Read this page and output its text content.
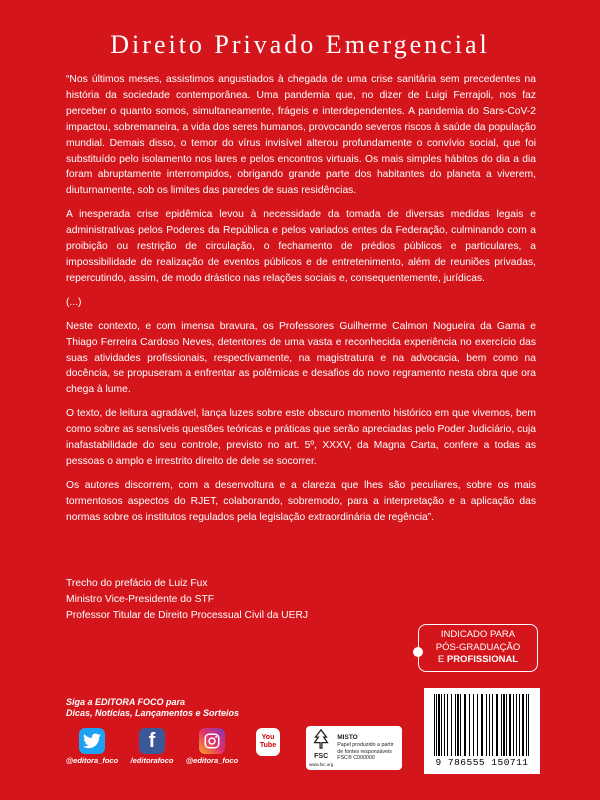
Direito Privado Emergencial

“Nos últimos meses, assistimos angustiados à chegada de uma crise sanitária sem precedentes na história da sociedade contemporânea. Uma pandemia que, no dizer de Luigi Ferrajoli, nos faz perceber o quanto somos, simultaneamente, frágeis e interdependentes. A pandemia do Sars-CoV-2 impactou, sobremaneira, a vida dos seres humanos, provocando severos riscos à saúde da população mundial. Demais disso, o temor do vírus invisível alterou profundamente o convívio social, que foi substituído pelo isolamento nos lares e pelos encontros virtuais. Os mais simples hábitos do dia a dia foram abruptamente interrompidos, obrigando grande parte dos habitantes do planeta a viverem, diuturnamente, sob os limites das paredes de suas residências.

A inesperada crise epidêmica levou à necessidade da tomada de diversas medidas legais e administrativas pelos Poderes da República e pelos variados entes da Federação, culminando com a proibição ou restrição de circulação, o fechamento de prédios públicos e particulares, a impossibilidade de realização de eventos públicos e de entretenimento, além de reuniões privadas, repercutindo, assim, de modo drástico nas relações sociais e, consequentemente, jurídicas.

(...)

Neste contexto, e com imensa bravura, os Professores Guilherme Calmon Nogueira da Gama e Thiago Ferreira Cardoso Neves, detentores de uma vasta e reconhecida experiência no exercício das suas atividades profissionais, respectivamente, na magistratura e na advocacia, bem como na docência, se propuseram a enfrentar as polêmicas e desafios do novo regramento nesta obra que ora chega à lume.

O texto, de leitura agradável, lança luzes sobre este obscuro momento histórico em que vivemos, bem como sobre as sensíveis questões teóricas e práticas que serão apreciadas pelo Poder Judiciário, cuja inafastabilidade do seu controle, previsto no art. 5º, XXXV, da Magna Carta, confere a todas as pessoas o amplo e irrestrito direito de dele se socorrer.

Os autores discorrem, com a desenvoltura e a clareza que lhes são peculiares, sobre os mais tormentosos aspectos do RJET, colaborando, sobremodo, para a interpretação e a aplicação das normas sobre os institutos regulados pela legislação extraordinária de regência”.

Trecho do prefácio de Luiz Fux
Ministro Vice-Presidente do STF
Professor Titular de Direito Processual Civil da UERJ
INDICADO PARA
PÓS-GRADUAÇÃO
E PROFISSIONAL
Siga a EDITORA FOCO para
Dicas, Notícias, Lançamentos e Sorteios
@editora_foco
f
/editorafoco	@editora_foco
You Tube
FSC
www.fsc.org
MISTO
Papel produzido a partir de fontes responsáveis
FSC® C000000	9 786555 150711
